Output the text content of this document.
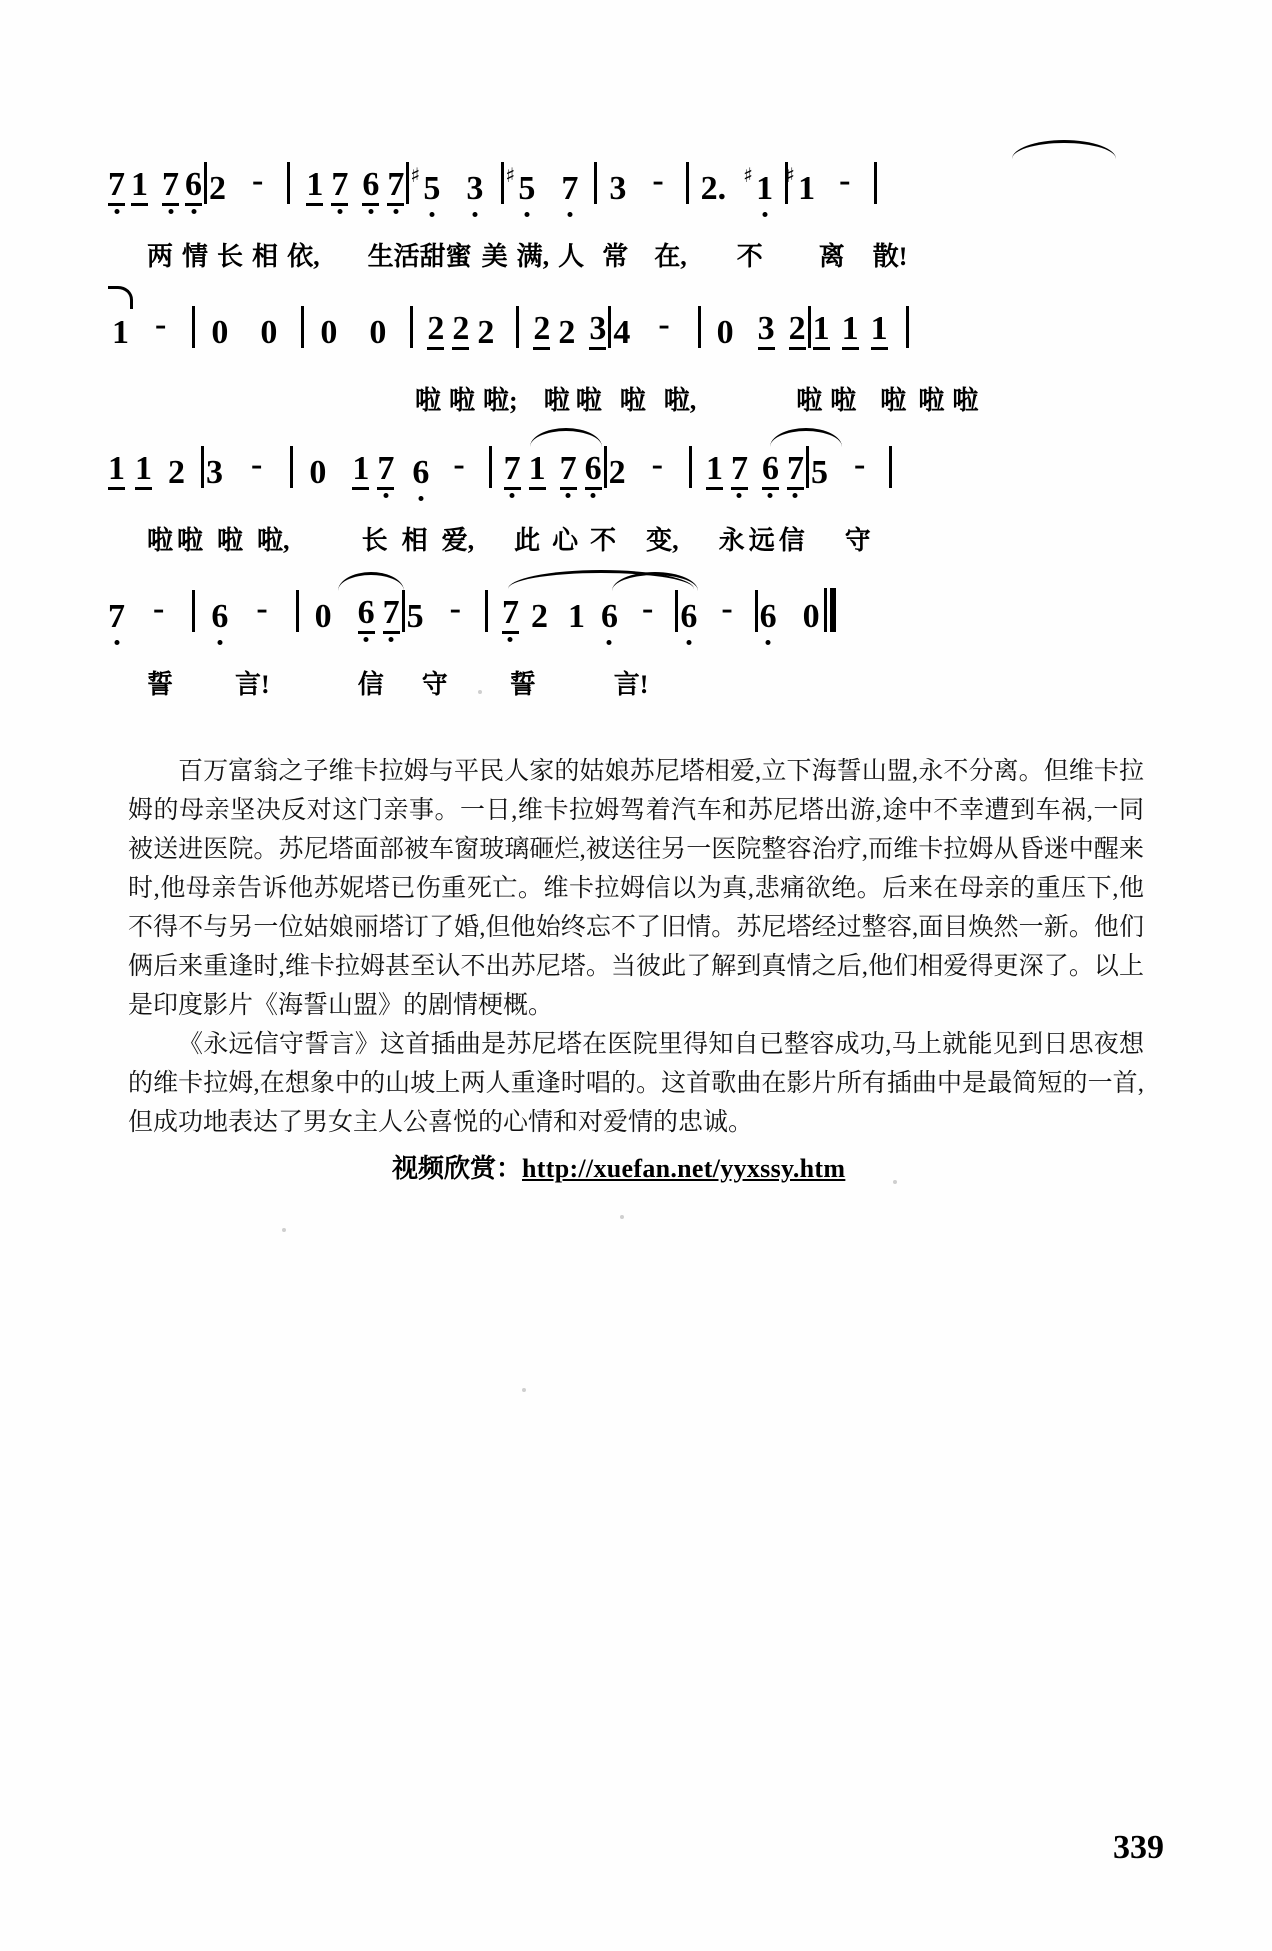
7 1 7 6 2 - 1 7 6 7 ♯ 5 3 ♯ 5 7 3 - 2. ♯ 1 ♯ 1 -

两 情 长 相 依, 生活甜蜜 美 满, 人 常 在, 不 离 散!

1 - 0 0 0 0 2 2 2 2 2 3 4 - 0 3 2 1 1 1

啦 啦 啦; 啦 啦 啦 啦,	啦 啦 啦 啦 啦

1 1 2 3 - 0 1 7 6 - 7 1 7 6 2 - 1 7 6 7 5 -

啦 啦 啦 啦,	长 相 爱, 此 心 不 变, 永 远 信 守

7 - 6 - 0 6 7 5 - 7 2 1 6 - 6 - 6 0

誓 言!	信 守 誓	言!

百万富翁之子维卡拉姆与平民人家的姑娘苏尼塔相爱,立下海誓山盟,永不分离。但维卡拉姆的母亲坚决反对这门亲事。一日,维卡拉姆驾着汽车和苏尼塔出游,途中不幸遭到车祸,一同被送进医院。苏尼塔面部被车窗玻璃砸烂,被送往另一医院整容治疗,而维卡拉姆从昏迷中醒来时,他母亲告诉他苏妮塔已伤重死亡。维卡拉姆信以为真,悲痛欲绝。后来在母亲的重压下,他不得不与另一位姑娘丽塔订了婚,但他始终忘不了旧情。苏尼塔经过整容,面目焕然一新。他们俩后来重逢时,维卡拉姆甚至认不出苏尼塔。当彼此了解到真情之后,他们相爱得更深了。以上是印度影片《海誓山盟》的剧情梗概。

《永远信守誓言》这首插曲是苏尼塔在医院里得知自已整容成功,马上就能见到日思夜想的维卡拉姆,在想象中的山坡上两人重逢时唱的。这首歌曲在影片所有插曲中是最简短的一首,但成功地表达了男女主人公喜悦的心情和对爱情的忠诚。

视频欣赏：http://xuefan.net/yyxssy.htm
339
